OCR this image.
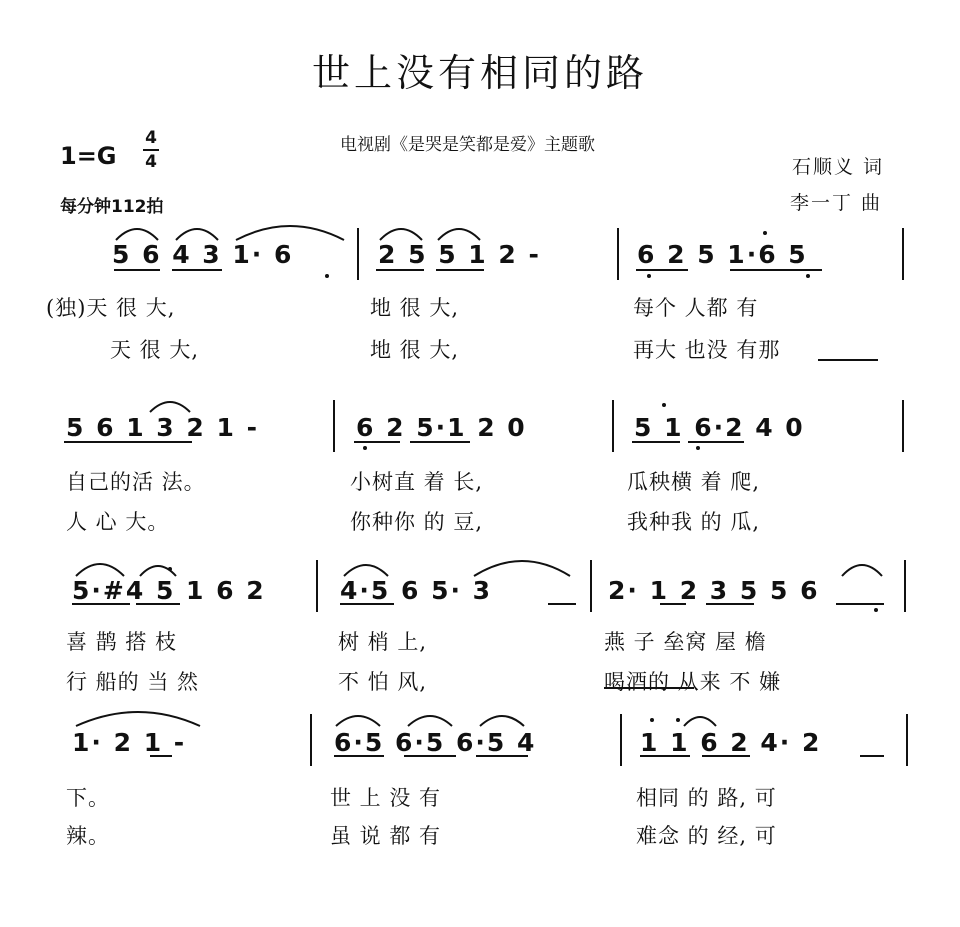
世上没有相同的路
电视剧《是哭是笑都是爱》主题歌
1=G
4
4
每分钟112拍
石顺义 词
李一丁 曲
5 6 4 3 1· 6	2 5 5 1 2 -	6 2 5 1·6 5
(独)天 很 大,	地 很 大,	每个 人都 有
天 很 大,	地 很 大,	再大 也没 有那
5 6 1 3 2 1 -	6 2 5·1 2 0	5 1 6·2 4 0
自己的活 法。	小树直 着 长,	瓜秧横 着 爬,
人 心 大。	你种你 的 豆,	我种我 的 瓜,
5·#4 5 1 6 2	4·5 6 5· 3	2· 1 2 3 5 5 6
喜 鹊 搭 枝	树 梢 上,	燕 子 垒窝 屋 檐
行 船的 当 然	不 怕 风,	喝酒的 从来 不 嫌
1· 2 1 -	6·5 6·5 6·5 4	1 1 6 2 4· 2
下。	世 上 没 有	相同 的 路, 可
辣。	虽 说 都 有	难念 的 经, 可
